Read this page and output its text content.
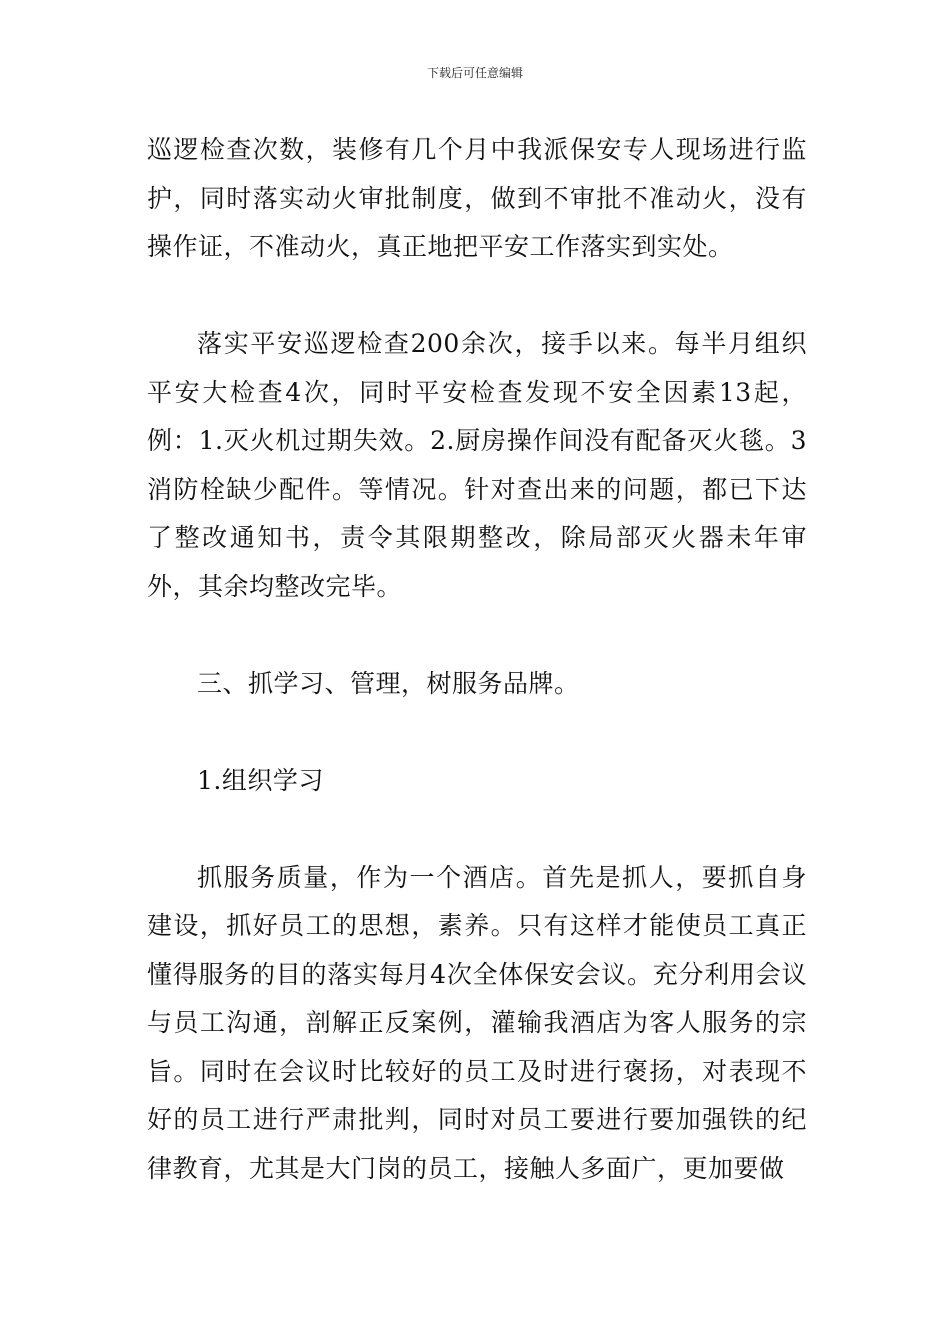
下载后可任意编辑

巡逻检查次数，装修有几个月中我派保安专人现场进行监护，同时落实动火审批制度，做到不审批不准动火，没有操作证，不准动火，真正地把平安工作落实到实处。

落实平安巡逻检查200余次，接手以来。每半月组织平安大检查4次，同时平安检查发现不安全因素13起，例：1.灭火机过期失效。2.厨房操作间没有配备灭火毯。3消防栓缺少配件。等情况。针对查出来的问题，都已下达了整改通知书，责令其限期整改，除局部灭火器未年审外，其余均整改完毕。

三、抓学习、管理，树服务品牌。

1.组织学习

抓服务质量，作为一个酒店。首先是抓人，要抓自身建设，抓好员工的思想，素养。只有这样才能使员工真正懂得服务的目的落实每月4次全体保安会议。充分利用会议与员工沟通，剖解正反案例，灌输我酒店为客人服务的宗旨。同时在会议时比较好的员工及时进行褒扬，对表现不好的员工进行严肃批判，同时对员工要进行要加强铁的纪律教育，尤其是大门岗的员工，接触人多面广，更加要做
